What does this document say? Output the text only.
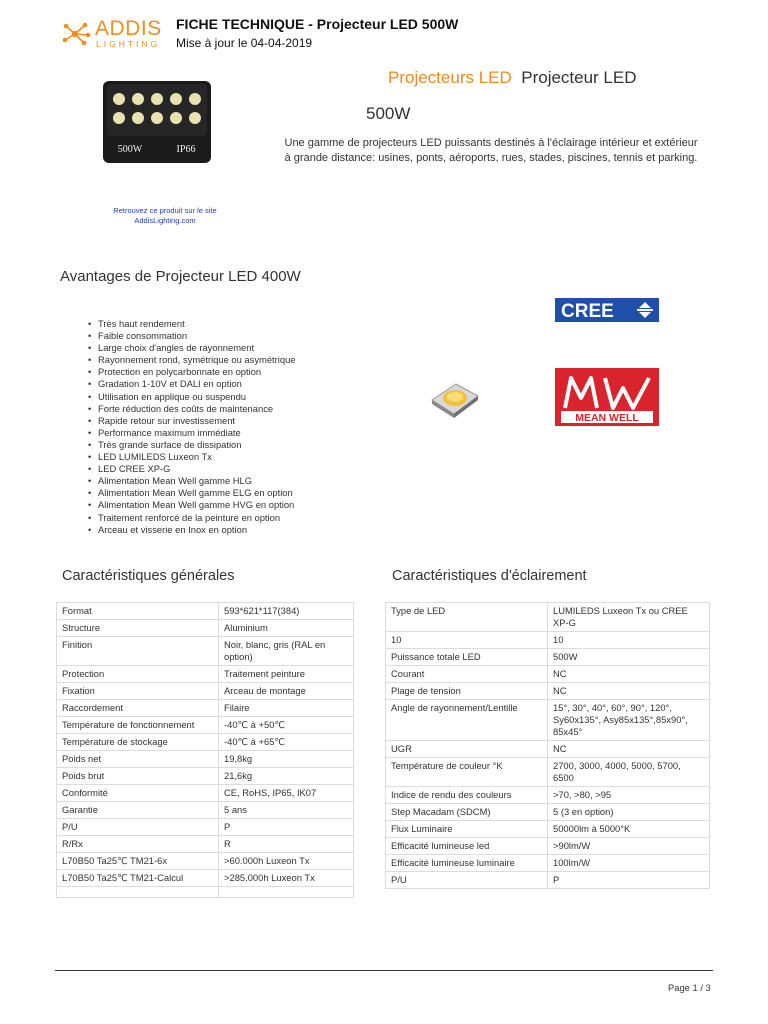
ADDIS
LIGHTING
FICHE TECHNIQUE - Projecteur LED 500W
Mise à jour le 04-04-2019
500W	IP66
Retrouvez ce produit sur le site
AddisLighting.com
Projecteurs LED Projecteur LED
500W
Une gamme de projecteurs LED puissants destinés à l'éclairage intérieur et extérieur à grande distance: usines, ponts, aéroports, rues, stades, piscines, tennis et parking.
Avantages de Projecteur LED 400W
• Très haut rendement
• Faible consommation
• Large choix d'angles de rayonnement
• Rayonnement rond, symétrique ou asymétrique
• Protection en polycarbonnate en option
• Gradation 1-10V et DALI en option
• Utilisation en applique ou suspendu
• Forte réduction des coûts de maintenance
• Rapide retour sur investissement
• Performance maximum immédiate
• Très grande surface de dissipation
• LED LUMILEDS Luxeon Tx
• LED CREE XP-G
• Alimentation Mean Well gamme HLG
• Alimentation Mean Well gamme ELG en option
• Alimentation Mean Well gamme HVG en option
• Traitement renforcé de la peinture en option
• Arceau et visserie en Inox en option
CREE
MEAN WELL
Caractéristiques générales	Caractéristiques d'éclairement
Format	593*621*117(384)
Structure	Aluminium
Finition	Noir, blanc, gris (RAL en option)
Protection	Traitement peinture
Fixation	Arceau de montage
Raccordement	Filaire
Température de fonctionnement	-40℃ à +50℃
Température de stockage	-40℃ à +65℃
Poids net	19,8kg
Poids brut	21,6kg
Conformité	CE, RoHS, IP65, IK07
Garantie	5 ans
P/U	P
R/Rx	R
L70B50 Ta25℃ TM21-6x	>60.000h Luxeon Tx
L70B50 Ta25℃ TM21-Calcul	>285.000h Luxeon Tx

Type de LED	LUMILEDS Luxeon Tx ou CREE XP-G
10	10
Puissance totale LED	500W
Courant	NC
Plage de tension	NC
Angle de rayonnement/Lentille	15°, 30°, 40°, 60°, 90°, 120°, Sy60x135°, Asy85x135°,85x90°, 85x45°
UGR	NC
Température de couleur °K	2700, 3000, 4000, 5000, 5700, 6500
Indice de rendu des couleurs	>70, >80, >95
Step Macadam (SDCM)	5 (3 en option)
Flux Luminaire	50000lm à 5000°K
Efficacité lumineuse led	>90lm/W
Efficacité lumineuse luminaire	100lm/W
P/U	P
Page 1 / 3
